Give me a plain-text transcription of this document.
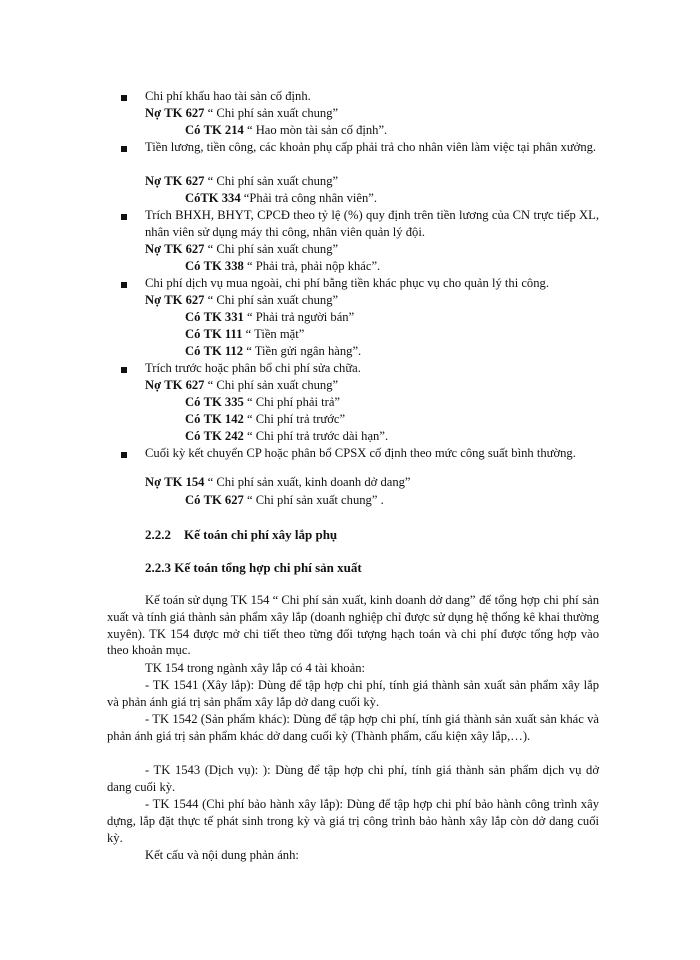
Chi phí khấu hao tài sản cố định.
Nợ TK 627 “ Chi phí sản xuất chung”
Có TK 214 “ Hao mòn tài sản cố định”.
Tiền lương, tiền công, các khoản phụ cấp phải trả cho nhân viên làm việc tại phân xưởng.
Nợ TK 627 “ Chi phí sản xuất chung”
CóTK 334 “Phải trả công nhân viên”.
Trích BHXH, BHYT, CPCĐ theo tỷ lệ (%) quy định trên tiền lương của CN trực tiếp XL, nhân viên sử dụng máy thi công, nhân viên quản lý đội.
Nợ TK 627 “ Chi phí sản xuất chung”
Có TK 338 “ Phải trả, phải nộp khác”.
Chi phí dịch vụ mua ngoài, chi phí bằng tiền khác phục vụ cho quản lý thi công.
Nợ TK 627 “ Chi phí sản xuất chung”
Có TK 331 “ Phải trả người bán”
Có TK 111 “ Tiền mặt”
Có TK 112 “ Tiền gửi ngân hàng”.
Trích trước hoặc phân bổ chi phí sửa chữa.
Nợ TK 627 “ Chi phí sản xuất chung”
Có TK 335 “ Chi phí phải trả”
Có TK 142 “ Chi phí trả trước”
Có TK 242 “ Chi phí trả trước dài hạn”.
Cuối kỳ kết chuyển CP hoặc phân bổ CPSX cố định theo mức công suất bình thường.
Nợ TK 154 “ Chi phí sản xuất, kinh doanh dở dang”
Có TK 627 “ Chi phí sản xuất chung” .
2.2.2    Kế toán chi phí xây lắp phụ
2.2.3 Kế toán tổng hợp chi phí sản xuất
Kế toán sử dụng TK 154 “ Chi phí sản xuất, kinh doanh dở dang” để tổng hợp chi phí sản xuất và tính giá thành sản phẩm xây lắp (doanh nghiệp chỉ được sử dụng hệ thống kê khai thường xuyên). TK 154 được mở chi tiết theo từng đối tượng hạch toán và chi phí được tổng hợp vào theo khoản mục.
TK 154 trong ngành xây lắp có 4 tài khoản:
- TK 1541 (Xây lắp): Dùng để tập hợp chi phí, tính giá thành sản xuất sản phẩm xây lắp và phản ánh giá trị sản phẩm xây lắp dở dang cuối kỳ.
- TK 1542 (Sản phẩm khác): Dùng để tập hợp chi phí, tính giá thành sản xuất sản khác và phản ánh giá trị sản phẩm khác dở dang cuối kỳ (Thành phẩm, cấu kiện xây lắp,…).
- TK 1543 (Dịch vụ): ): Dùng để tập hợp chi phí, tính giá thành sản phẩm dịch vụ dở dang cuối kỳ.
- TK 1544 (Chi phí bảo hành xây lắp): Dùng để tập hợp chi phí bảo hành công trình xây dựng, lắp đặt thực tế phát sinh trong kỳ và giá trị công trình bảo hành xây lắp còn dở dang cuối kỳ.
Kết cấu và nội dung phản ánh:
